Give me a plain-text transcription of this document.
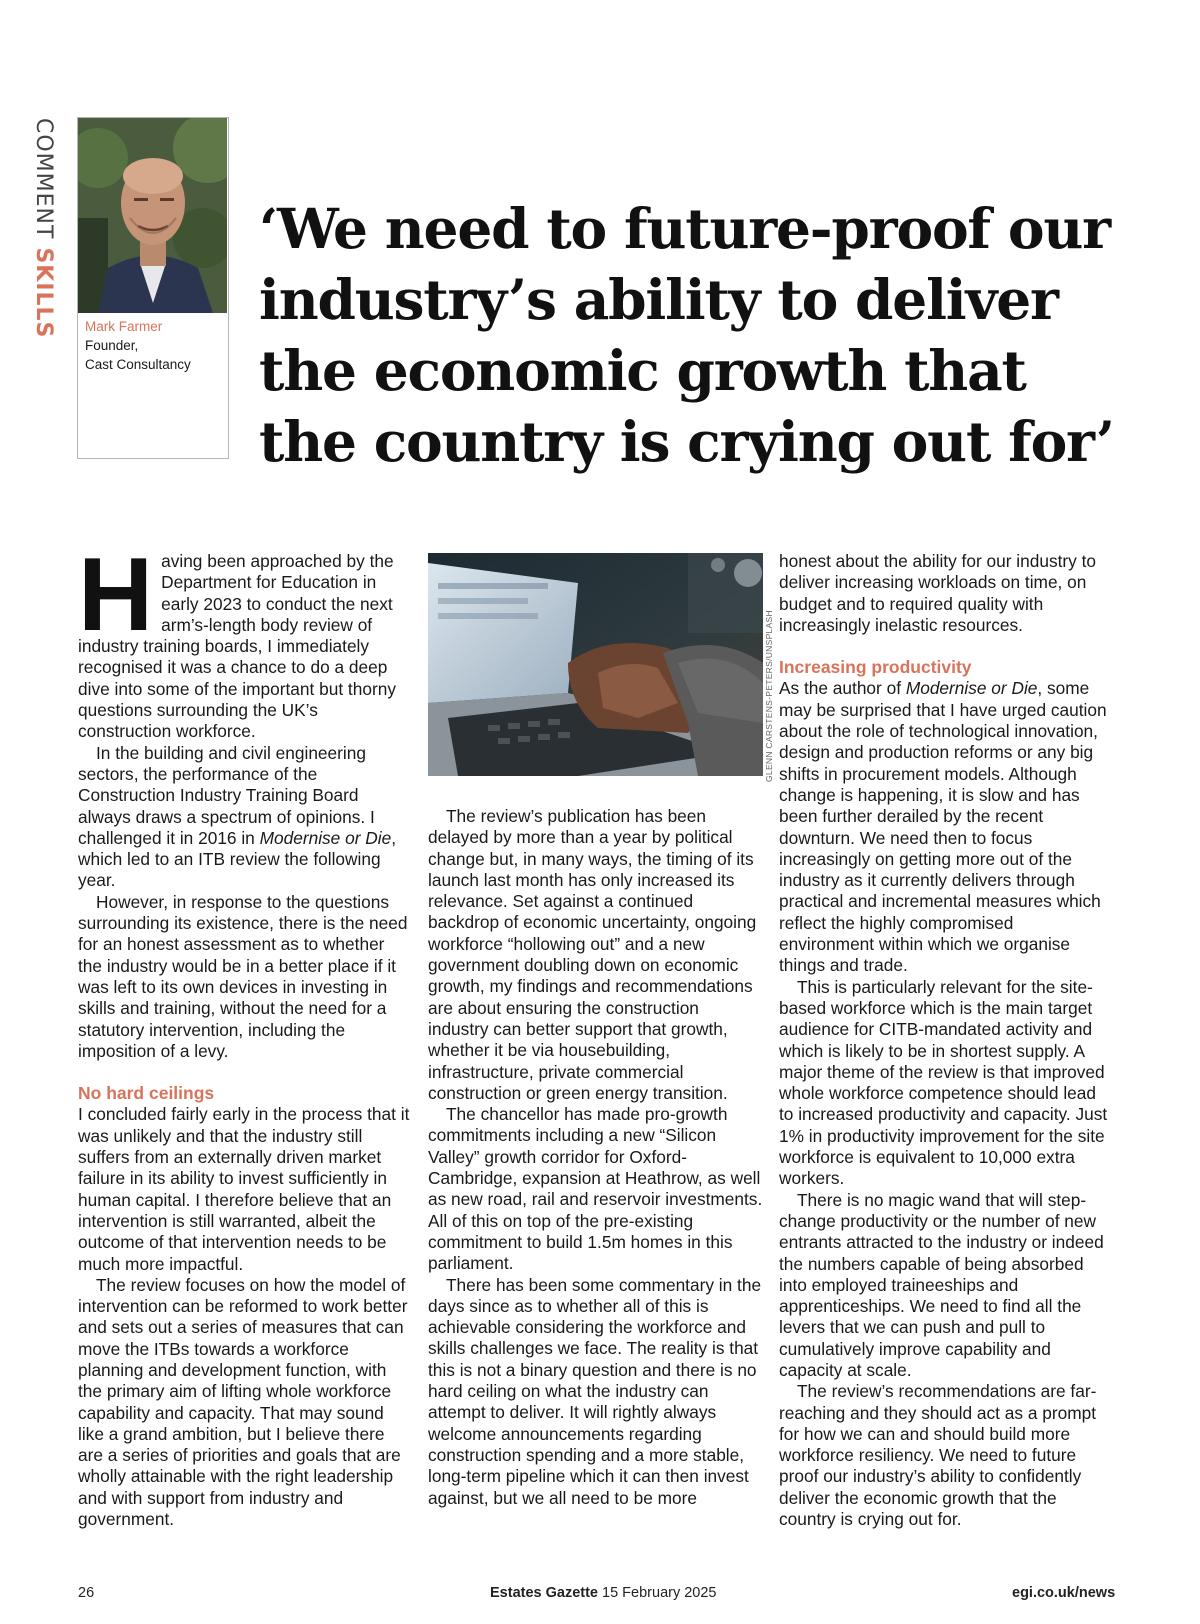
COMMENT SKILLS Mark Farmer
Founder,
Cast Consultancy
‘We need to future-proof our industry’s ability to deliver the economic growth that the country is crying out for’
H aving been approached by the Department for Education in early 2023 to conduct the next arm’s-length body review of industry training boards, I immediately recognised it was a chance to do a deep dive into some of the important but thorny questions surrounding the UK’s construction workforce.

In the building and civil engineering sectors, the performance of the Construction Industry Training Board always draws a spectrum of opinions. I challenged it in 2016 in Modernise or Die, which led to an ITB review the following year.

However, in response to the questions surrounding its existence, there is the need for an honest assessment as to whether the industry would be in a better place if it was left to its own devices in investing in skills and training, without the need for a statutory intervention, including the imposition of a levy.

No hard ceilings

I concluded fairly early in the process that it was unlikely and that the industry still suffers from an externally driven market failure in its ability to invest sufficiently in human capital. I therefore believe that an intervention is still warranted, albeit the outcome of that intervention needs to be much more impactful.

The review focuses on how the model of intervention can be reformed to work better and sets out a series of measures that can move the ITBs towards a workforce planning and development function, with the primary aim of lifting whole workforce capability and capacity. That may sound like a grand ambition, but I believe there are a series of priorities and goals that are wholly attainable with the right leadership and with support from industry and government.

GLENN CARSTENS-PETERS/UNSPLASH

The review’s publication has been delayed by more than a year by political change but, in many ways, the timing of its launch last month has only increased its relevance. Set against a continued backdrop of economic uncertainty, ongoing workforce “hollowing out” and a new government doubling down on economic growth, my findings and recommendations are about ensuring the construction industry can better support that growth, whether it be via housebuilding, infrastructure, private commercial construction or green energy transition.

The chancellor has made pro-growth commitments including a new “Silicon Valley” growth corridor for Oxford-Cambridge, expansion at Heathrow, as well as new road, rail and reservoir investments. All of this on top of the pre-existing commitment to build 1.5m homes in this parliament.

There has been some commentary in the days since as to whether all of this is achievable considering the workforce and skills challenges we face. The reality is that this is not a binary question and there is no hard ceiling on what the industry can attempt to deliver. It will rightly always welcome announcements regarding construction spending and a more stable, long-term pipeline which it can then invest against, but we all need to be more

honest about the ability for our industry to deliver increasing workloads on time, on budget and to required quality with increasingly inelastic resources.

Increasing productivity

As the author of Modernise or Die, some may be surprised that I have urged caution about the role of technological innovation, design and production reforms or any big shifts in procurement models. Although change is happening, it is slow and has been further derailed by the recent downturn. We need then to focus increasingly on getting more out of the industry as it currently delivers through practical and incremental measures which reflect the highly compromised environment within which we organise things and trade.

This is particularly relevant for the site-based workforce which is the main target audience for CITB-mandated activity and which is likely to be in shortest supply. A major theme of the review is that improved whole workforce competence should lead to increased productivity and capacity. Just 1% in productivity improvement for the site workforce is equivalent to 10,000 extra workers.

There is no magic wand that will step-change productivity or the number of new entrants attracted to the industry or indeed the numbers capable of being absorbed into employed traineeships and apprenticeships. We need to find all the levers that we can push and pull to cumulatively improve capability and capacity at scale.

The review’s recommendations are far-reaching and they should act as a prompt for how we can and should build more workforce resiliency. We need to future proof our industry’s ability to confidently deliver the economic growth that the country is crying out for.

26	Estates Gazette 15 February 2025	egi.co.uk/news
